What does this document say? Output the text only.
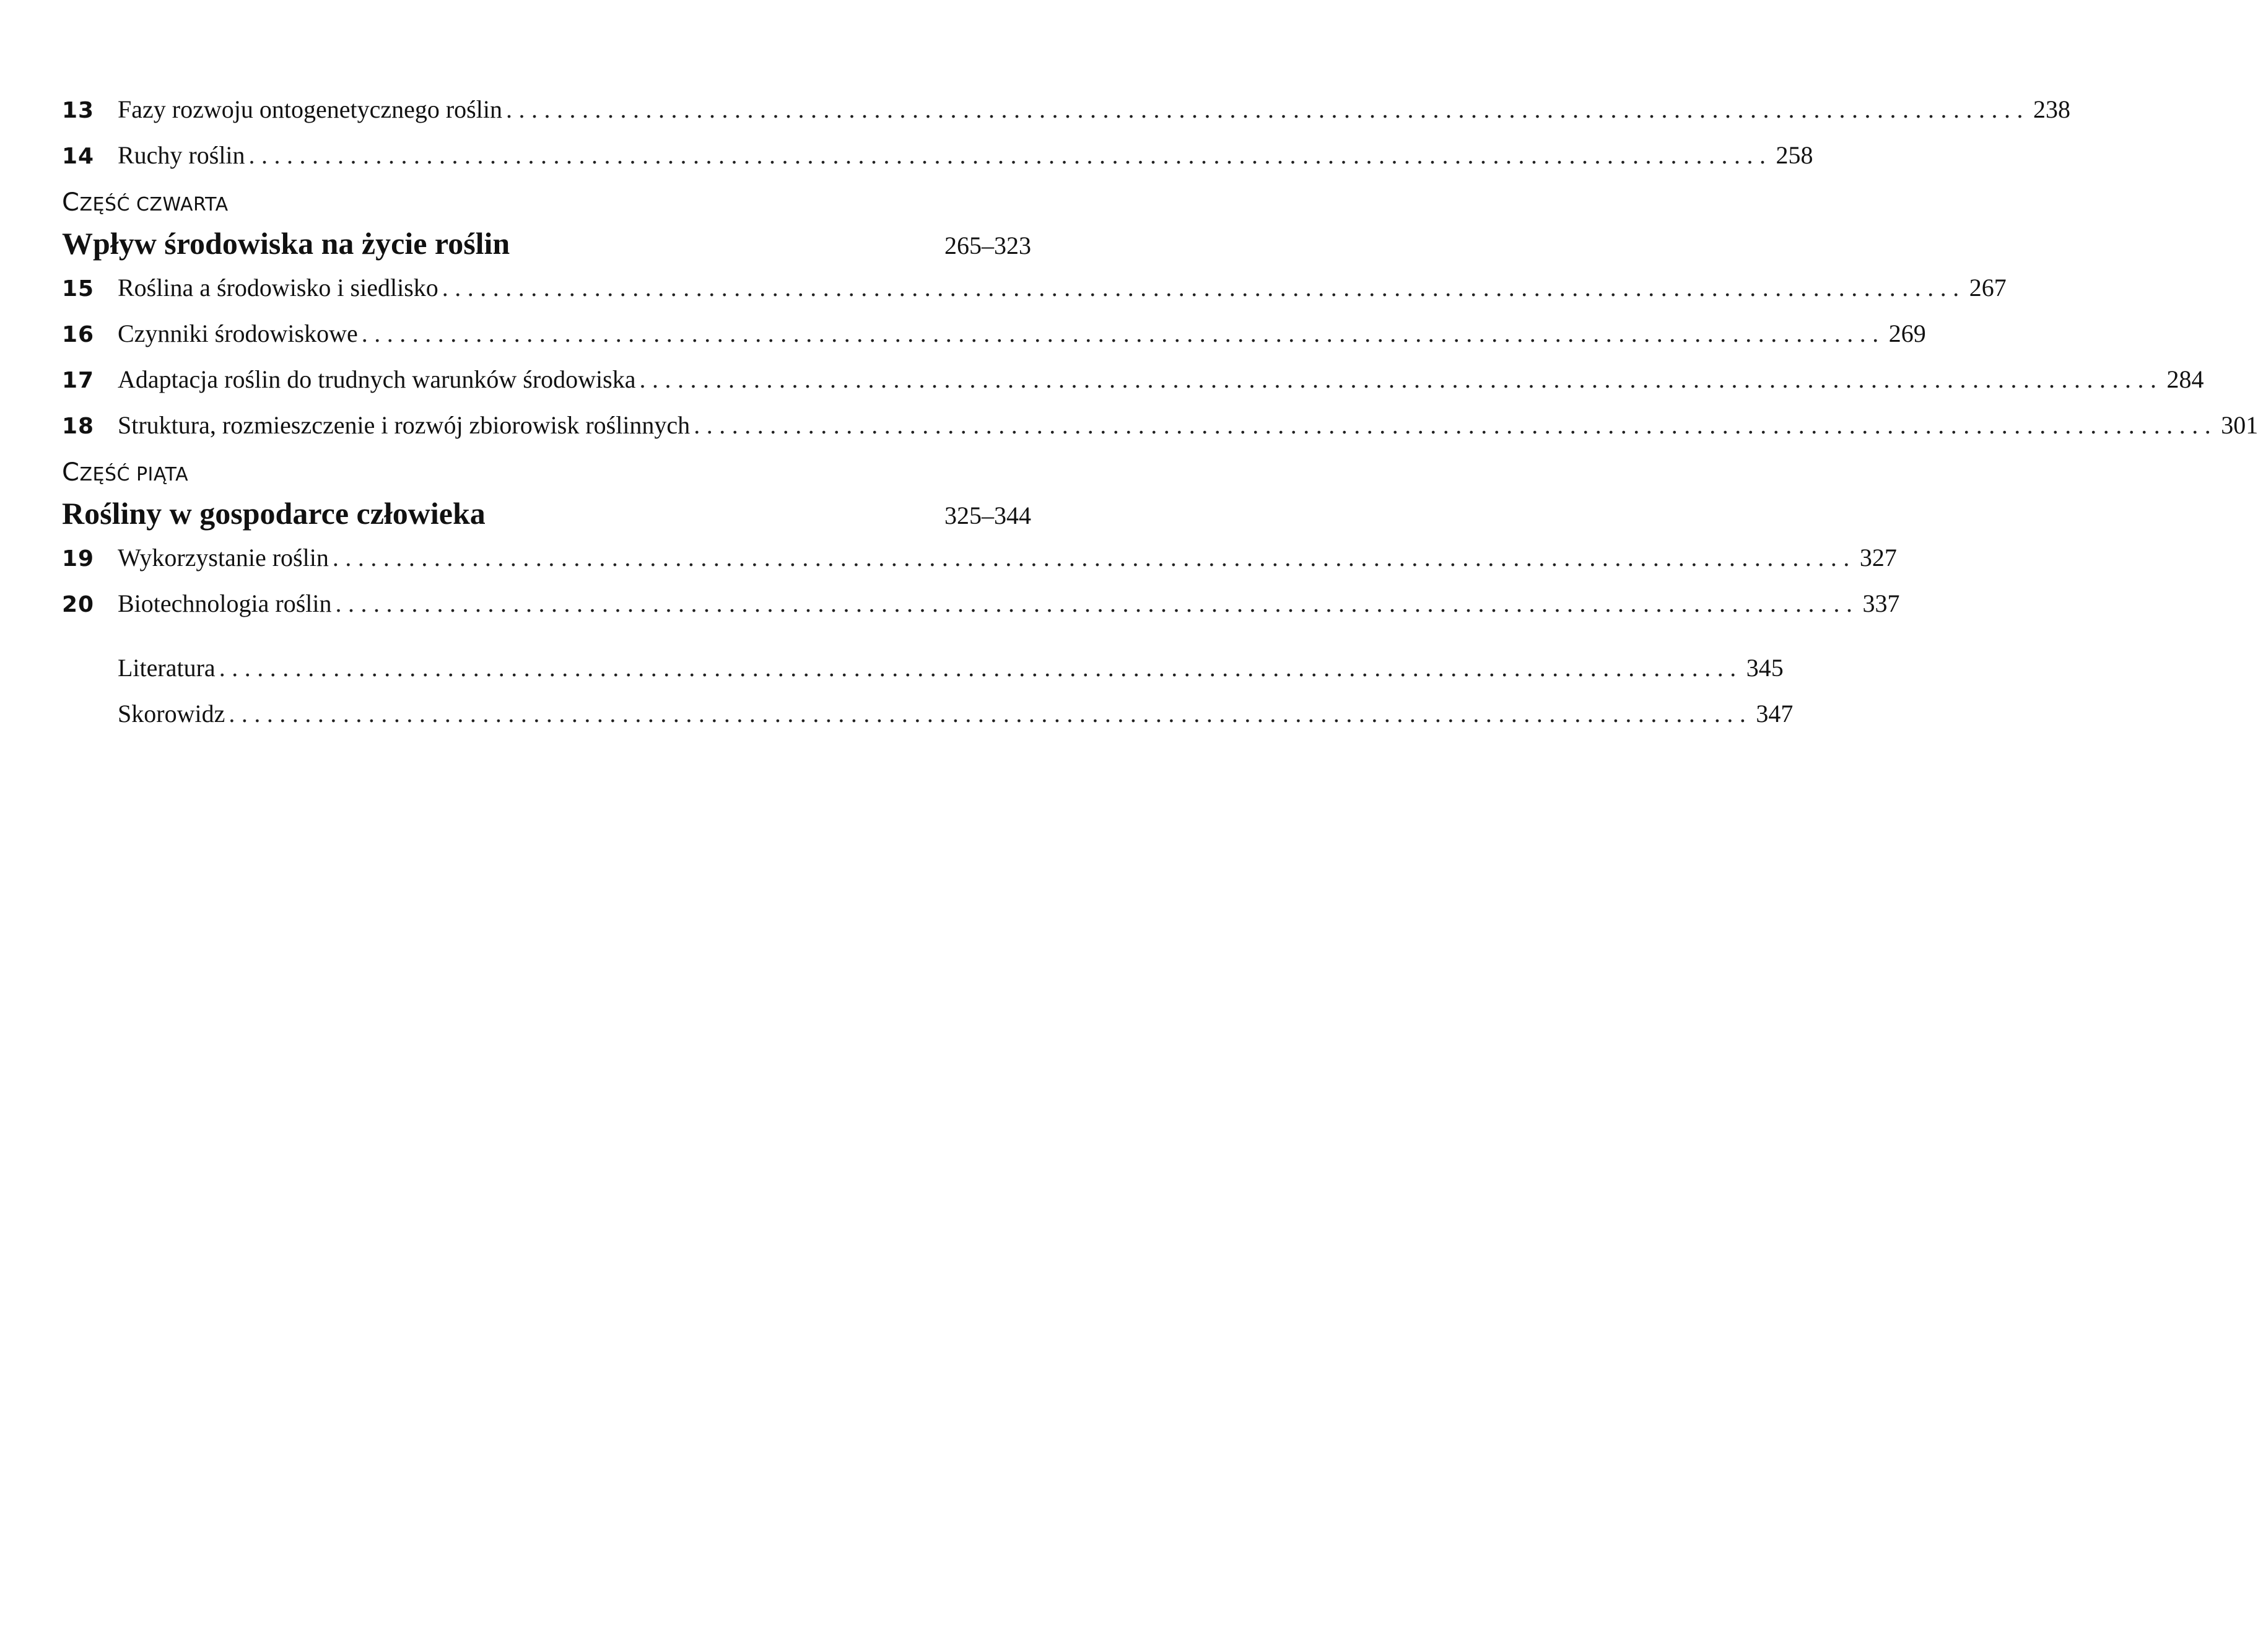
13 Fazy rozwoju ontogenetycznego roślin ........................................................................................................................ 238
14 Ruchy roślin ........................................................................................................................ 258
CZĘŚĆ CZWARTA
Wpływ środowiska na życie roślin	265–323
15 Roślina a środowisko i siedlisko ........................................................................................................................ 267
16 Czynniki środowiskowe ........................................................................................................................ 269
17 Adaptacja roślin do trudnych warunków środowiska ........................................................................................................................ 284
18 Struktura, rozmieszczenie i rozwój zbiorowisk roślinnych ........................................................................................................................ 301
CZĘŚĆ PIĄTA
Rośliny w gospodarce człowieka	325–344
19 Wykorzystanie roślin ........................................................................................................................ 327
20 Biotechnologia roślin ........................................................................................................................ 337
Literatura ........................................................................................................................ 345
Skorowidz ........................................................................................................................ 347
